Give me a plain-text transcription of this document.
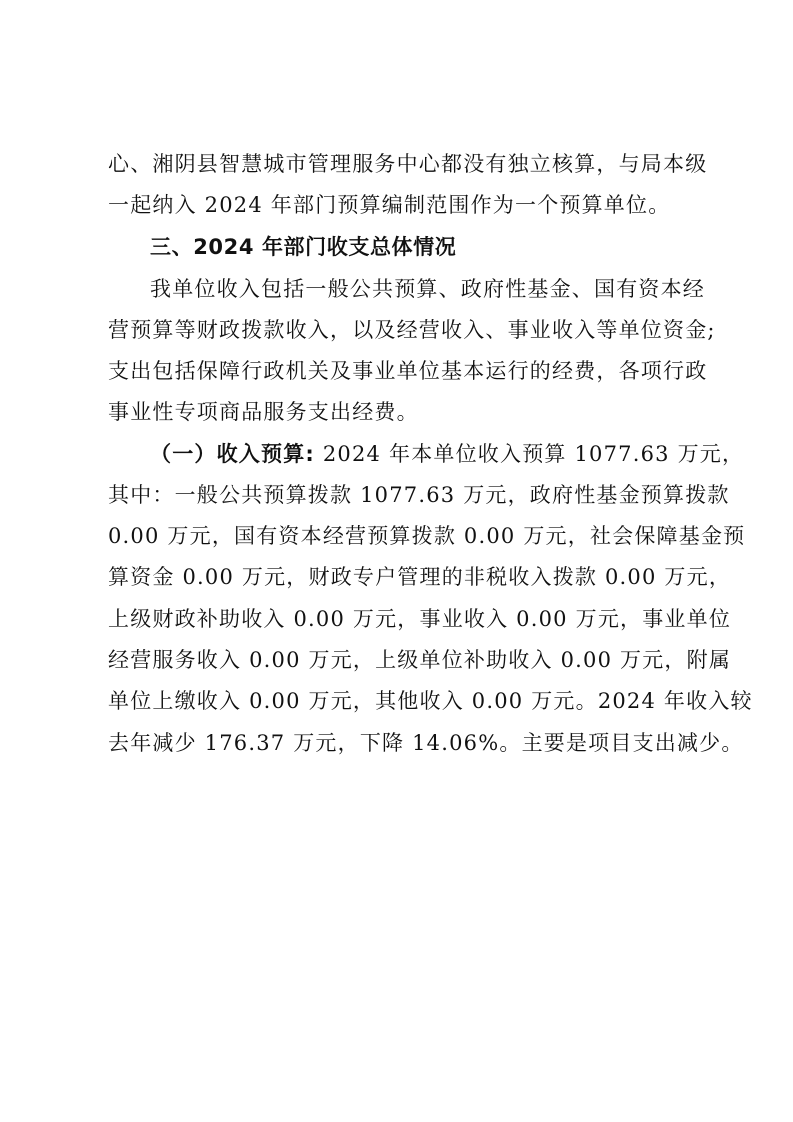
心、湘阴县智慧城市管理服务中心都没有独立核算，与局本级
一起纳入 2024 年部门预算编制范围作为一个预算单位。
三、2024 年部门收支总体情况
我单位收入包括一般公共预算、政府性基金、国有资本经
营预算等财政拨款收入，以及经营收入、事业收入等单位资金;
支出包括保障行政机关及事业单位基本运行的经费，各项行政
事业性专项商品服务支出经费。
（一）收入预算: 2024 年本单位收入预算 1077.63 万元，
其中：一般公共预算拨款 1077.63 万元，政府性基金预算拨款
0.00 万元，国有资本经营预算拨款 0.00 万元，社会保障基金预
算资金 0.00 万元，财政专户管理的非税收入拨款 0.00 万元，
上级财政补助收入 0.00 万元，事业收入 0.00 万元，事业单位
经营服务收入 0.00 万元，上级单位补助收入 0.00 万元，附属
单位上缴收入 0.00 万元，其他收入 0.00 万元。2024 年收入较
去年减少 176.37 万元，下降 14.06%。主要是项目支出减少。
